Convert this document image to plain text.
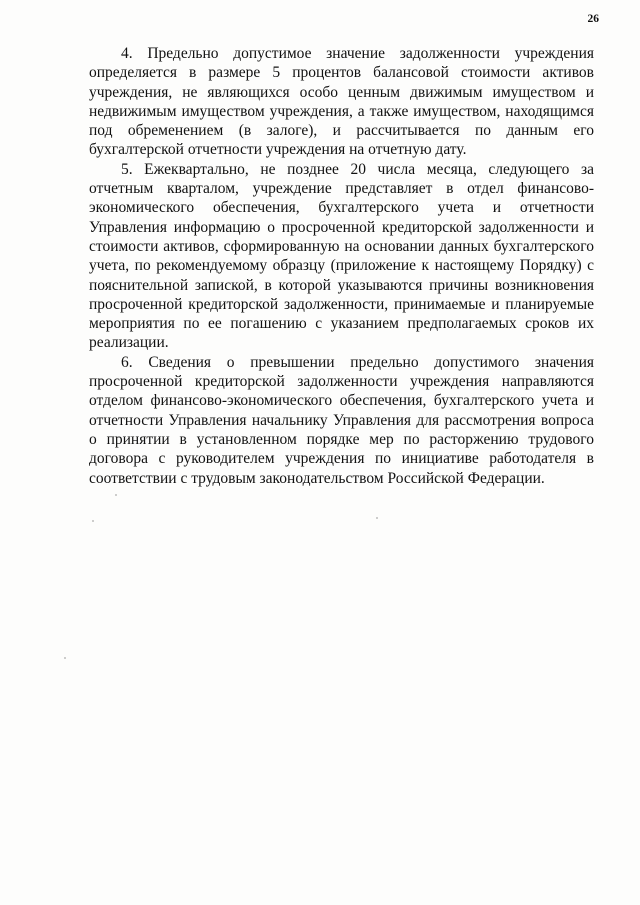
26

4. Предельно допустимое значение задолженности учреждения определяется в размере 5 процентов балансовой стоимости активов учреждения, не являющихся особо ценным движимым имуществом и недвижимым имуществом учреждения, а также имуществом, находящимся под обременением (в залоге), и рассчитывается по данным его бухгалтерской отчетности учреждения на отчетную дату.

5. Ежеквартально, не позднее 20 числа месяца, следующего за отчетным кварталом, учреждение представляет в отдел финансово-экономического обеспечения, бухгалтерского учета и отчетности Управления информацию о просроченной кредиторской задолженности и стоимости активов, сформированную на основании данных бухгалтерского учета, по рекомендуемому образцу (приложение к настоящему Порядку) с пояснительной запиской, в которой указываются причины возникновения просроченной кредиторской задолженности, принимаемые и планируемые мероприятия по ее погашению с указанием предполагаемых сроков их реализации.

6. Сведения о превышении предельно допустимого значения просроченной кредиторской задолженности учреждения направляются отделом финансово-экономического обеспечения, бухгалтерского учета и отчетности Управления начальнику Управления для рассмотрения вопроса о принятии в установленном порядке мер по расторжению трудового договора с руководителем учреждения по инициативе работодателя в соответствии с трудовым законодательством Российской Федерации.
